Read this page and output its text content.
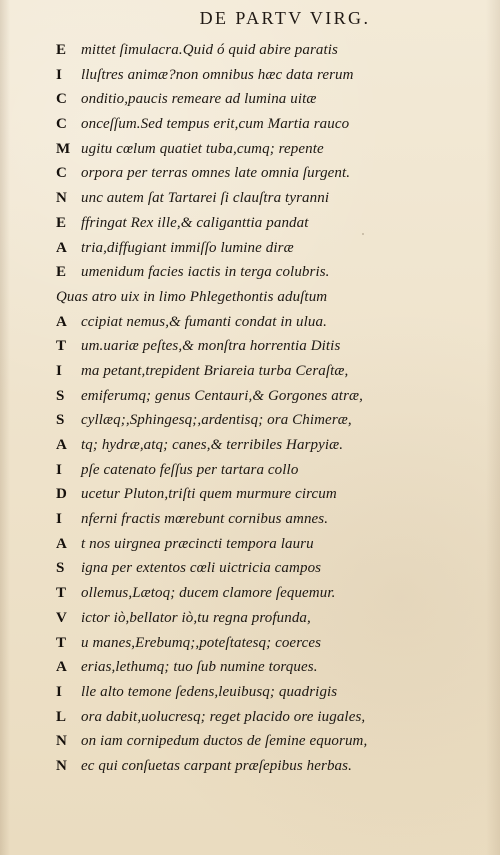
DE PARTV VIRG.
E mittet ſimulacra.Quid ó quid abire paratis
I	lluſtres animæ?non omnibus hæc data rerum
C onditio,paucis remeare ad lumina uitæ
C onceſſum.Sed tempus erit,cum Martia rauco
M ugitu cœlum quatiet tuba,cumq; repente
C orpora per terras omnes late omnia ſurgent.
N unc autem ſat Tartarei ſi clauſtra tyranni
E ffringat Rex ille,& caliganttia pandat
A tria,diffugiant immiſſo lumine diræ
E umenidum facies iactis in terga colubris.
Quas atro uix in limo Phlegethontis aduſtum
A ccipiat nemus,& fumanti condat in ulua.
T um.uariæ peſtes,& monſtra horrentia Ditis
I	ma petant,trepident Briareia turba Ceraſtæ,
S	emiferumq; genus Centauri,& Gorgones atræ,
S	cyllæq;,Sphingesq;,ardentisq; ora Chimeræ,
A tq; hydræ,atq; canes,& terribiles Harpyiæ.
I	pſe catenato feſſus per tartara collo
D ucetur Pluton,triſti quem murmure circum
I	nferni fractis mœrebunt cornibus amnes.
A t nos uirgnea præcincti tempora lauru
S	igna per extentos cœli uictricia campos
T ollemus,Lætoq; ducem clamore ſequemur.
V ictor iò,bellator iò,tu regna profunda,
T u manes,Erebumq;,poteſtatesq; coerces
A erias,lethumq; tuo ſub numine torques.
I	lle alto temone ſedens,leuibusq; quadrigis
L ora dabit,uolucresq; reget placido ore iugales,
N on iam cornipedum ductos de ſemine equorum,
N ec qui conſuetas carpant præſepibus herbas.
